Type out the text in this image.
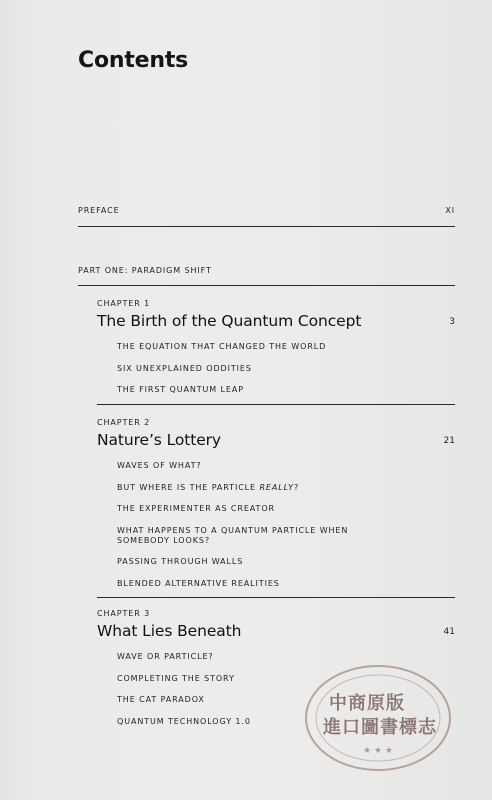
Contents
PREFACE	XI
PART ONE: PARADIGM SHIFT
CHAPTER 1
The Birth of the Quantum Concept	3
THE EQUATION THAT CHANGED THE WORLD
SIX UNEXPLAINED ODDITIES
THE FIRST QUANTUM LEAP
CHAPTER 2
Nature’s Lottery	21
WAVES OF WHAT?
BUT WHERE IS THE PARTICLE REALLY?
THE EXPERIMENTER AS CREATOR
WHAT HAPPENS TO A QUANTUM PARTICLE WHEN SOMEBODY LOOKS?
PASSING THROUGH WALLS
BLENDED ALTERNATIVE REALITIES
CHAPTER 3
What Lies Beneath	41
WAVE OR PARTICLE?
COMPLETING THE STORY
THE CAT PARADOX
QUANTUM TECHNOLOGY 1.0
★ ★ ★
中商原版
進口圖書標志
